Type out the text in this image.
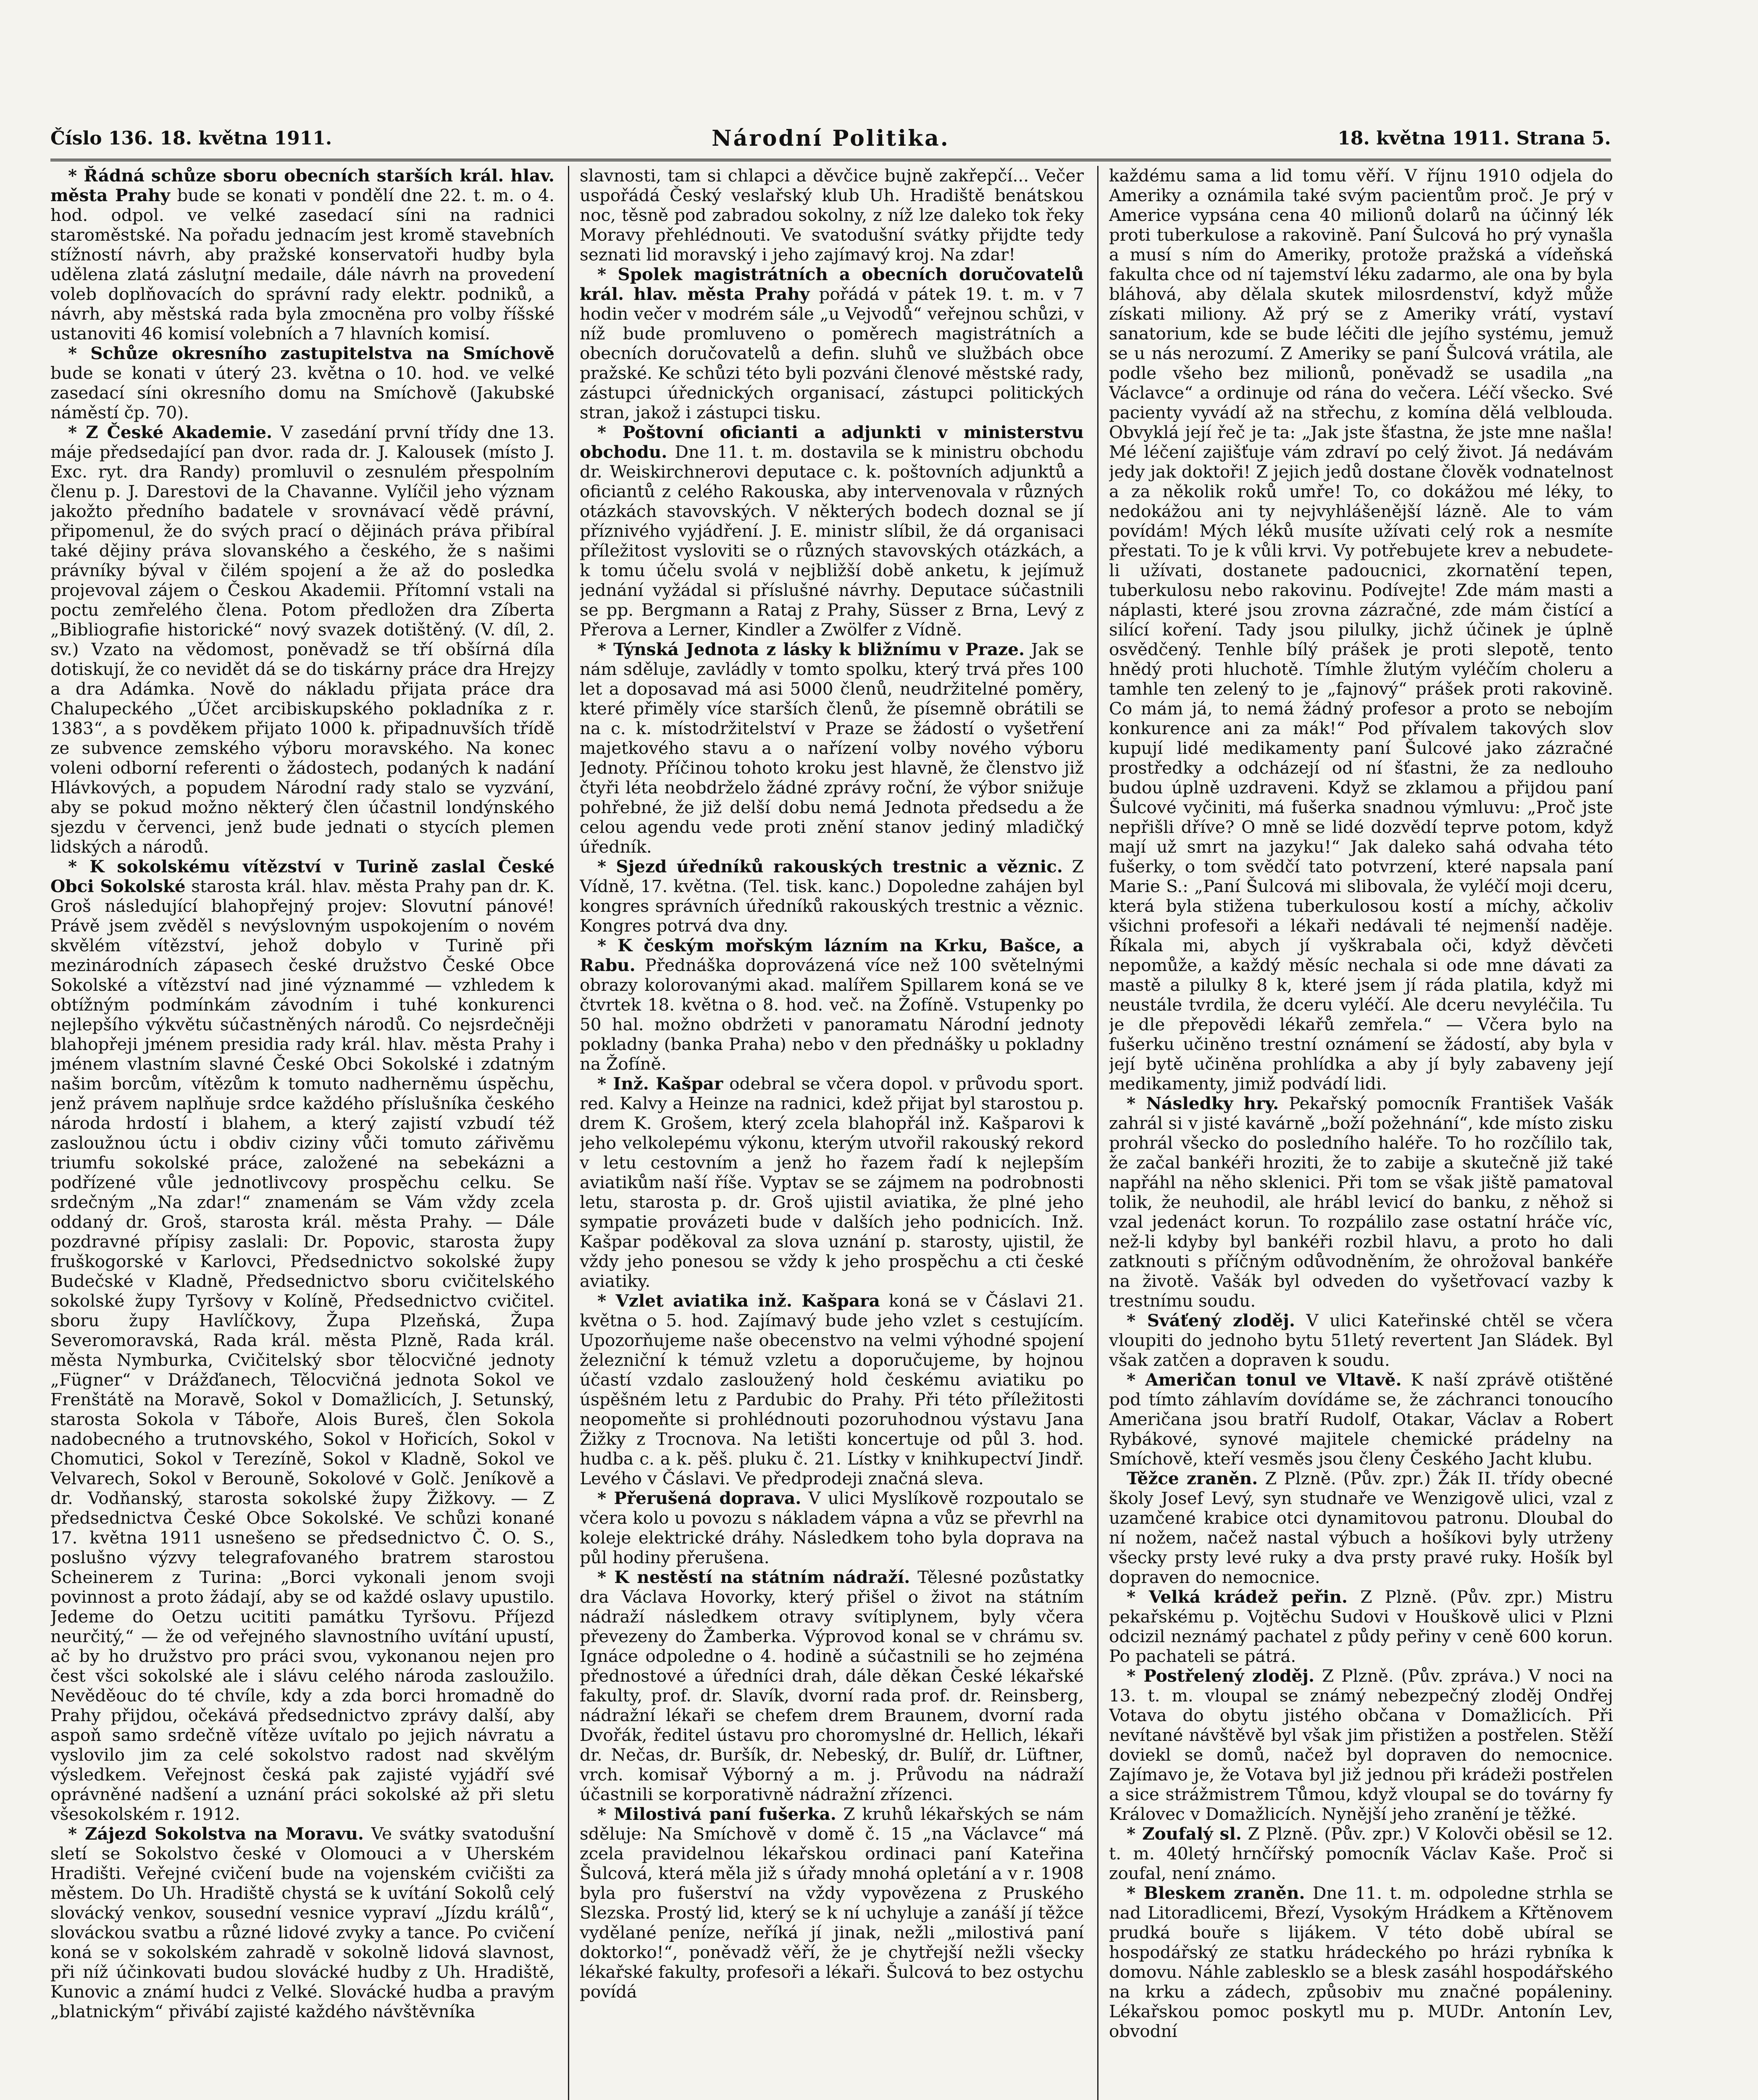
Číslo 136. 18. května 1911.	Národní Politika.	18. května 1911. Strana 5.

* Řádná schůze sboru obecních starších král. hlav. města Prahy bude se konati v pondělí dne 22. t. m. o 4. hod. odpol. ve velké zasedací síni na radnici staroměstské. Na pořadu jednacím jest kromě stavebních stížností návrh, aby pražské konservatoři hudby byla udělena zlatá zásluţní medaile, dále návrh na provedení voleb doplňovacích do správní rady elektr. podniků, a návrh, aby městská rada byla zmocněna pro volby říšské ustanoviti 46 komisí volebních a 7 hlavních komisí.

* Schůze okresního zastupitelstva na Smíchově bude se konati v úterý 23. května o 10. hod. ve velké zasedací síni okresního domu na Smíchově (Jakubské náměstí čp. 70).

* Z České Akademie. V zasedání první třídy dne 13. máje předsedající pan dvor. rada dr. J. Kalousek (místo J. Exc. ryt. dra Randy) promluvil o zesnulém přespolním členu p. J. Darestovi de la Chavanne. Vylíčil jeho význam jakožto předního badatele v srovnávací vědě právní, připomenul, že do svých prací o dějinách práva přibíral také dějiny práva slovanského a českého, že s našimi právníky býval v čilém spojení a že až do posledka projevoval zájem o Českou Akademii. Přítomní vstali na poctu zemřelého člena. Potom předložen dra Zíberta „Bibliografie historické“ nový svazek dotištěný. (V. díl, 2. sv.) Vzato na vědomost, poněvadž se tří obšírná díla dotiskují, že co nevidět dá se do tiskárny práce dra Hrejzy a dra Adámka. Nově do nákladu přijata práce dra Chalupeckého „Účet arcibiskupského pokladníka z r. 1383“, a s povděkem přijato 1000 k. připadnuvších třídě ze subvence zemského výboru moravského. Na konec voleni odborní referenti o žádostech, podaných k nadání Hlávkových, a popudem Národní rady stalo se vyzvání, aby se pokud možno některý člen účastnil londýnského sjezdu v červenci, jenž bude jednati o stycích plemen lidských a národů.

* K sokolskému vítězství v Turině zaslal České Obci Sokolské starosta král. hlav. města Prahy pan dr. K. Groš následující blahopřejný projev: Slovutní pánové! Právě jsem zvěděl s nevýslovným uspokojením o novém skvělém vítězství, jehož dobylo v Turině při mezinárodních zápasech české družstvo České Obce Sokolské a vítězství nad jiné význammé — vzhledem k obtížným podmínkám závodním i tuhé konkurenci nejlepšího výkvětu súčastněných národů. Co nejsrdečněji blahopřeji jménem presidia rady král. hlav. města Prahy i jménem vlastním slavné České Obci Sokolské i zdatným našim borcům, vítězům k tomuto nadherněmu úspěchu, jenž právem naplňuje srdce každého příslušníka českého národa hrdostí i blahem, a který zajistí vzbudí též zasloužnou úctu i obdiv ciziny vůči tomuto zářivěmu triumfu sokolské práce, založené na sebekázni a podřízené vůle jednotlivcovy prospěchu celku. Se srdečným „Na zdar!“ znamenám se Vám vždy zcela oddaný dr. Groš, starosta král. města Prahy. — Dále pozdravné přípisy zaslali: Dr. Popovic, starosta župy fruškogorské v Karlovci, Předsednictvo sokolské župy Budečské v Kladně, Předsednictvo sboru cvičitelského sokolské župy Tyršovy v Kolíně, Předsednictvo cvičitel. sboru župy Havlíčkovy, Župa Plzeňská, Župa Severomoravská, Rada král. města Plzně, Rada král. města Nymburka, Cvičitelský sbor tělocvičné jednoty „Fügner“ v Drážďanech, Tělocvičná jednota Sokol ve Frenštátě na Moravě, Sokol v Domažlicích, J. Setunský, starosta Sokola v Táboře, Alois Bureš, člen Sokola nadobecného a trutnovského, Sokol v Hořicích, Sokol v Chomutici, Sokol v Terezíně, Sokol v Kladně, Sokol ve Velvarech, Sokol v Berouně, Sokolové v Golč. Jeníkově a dr. Vodňanský, starosta sokolské župy Žižkovy. — Z předsednictva České Obce Sokolské. Ve schůzi konané 17. května 1911 usnešeno se předsednictvo Č. O. S., poslušno výzvy telegrafovaného bratrem starostou Scheinerem z Turina: „Borci vykonali jenom svoji povinnost a proto žádají, aby se od každé oslavy upustilo. Jedeme do Oetzu ucititi památku Tyršovu. Příjezd neurčitý,“ — že od veřejného slavnostního uvítání upustí, ač by ho družstvo pro práci svou, vykonanou nejen pro čest všci sokolské ale i slávu celého národa zasloužilo. Nevěděouc do té chvíle, kdy a zda borci hromadně do Prahy přijdou, očekává předsednictvo zprávy další, aby aspoň samo srdečně vítěze uvítalo po jejich návratu a vyslovilo jim za celé sokolstvo radost nad skvělým výsledkem. Veřejnost česká pak zajisté vyjádří své oprávněné nadšení a uznání práci sokolské až při sletu všesokolském r. 1912.

* Zájezd Sokolstva na Moravu. Ve svátky svatodušní sletí se Sokolstvo české v Olomouci a v Uherském Hradišti. Veřejné cvičení bude na vojenském cvičišti za městem. Do Uh. Hradiště chystá se k uvítání Sokolů celý slovácký venkov, sousední vesnice vypraví „Jízdu králů“, slováckou svatbu a různé lidové zvyky a tance. Po cvičení koná se v sokolském zahradě v sokolně lidová slavnost, při níž účinkovati budou slovácké hudby z Uh. Hradiště, Kunovic a známí hudci z Velké. Slovácké hudba a pravým „blatnickým“ přivábí zajisté každého návštěvníka

slavnosti, tam si chlapci a děvčice bujně zakřepčí... Večer uspořádá Český veslařský klub Uh. Hradiště benátskou noc, těsně pod zabradou sokolny, z níž lze daleko tok řeky Moravy přehlédnouti. Ve svatodušní svátky přijdte tedy seznati lid moravský i jeho zajímavý kroj. Na zdar!

* Spolek magistrátních a obecních doručovatelů král. hlav. města Prahy pořádá v pátek 19. t. m. v 7 hodin večer v modrém sále „u Vejvodů“ veřejnou schůzi, v níž bude promluveno o poměrech magistrátních a obecních doručovatelů a defin. sluhů ve službách obce pražské. Ke schůzi této byli pozváni členové městské rady, zástupci úřednických organisací, zástupci politických stran, jakož i zástupci tisku.

* Poštovní oficianti a adjunkti v ministerstvu obchodu. Dne 11. t. m. dostavila se k ministru obchodu dr. Weiskirchnerovi deputace c. k. poštovních adjunktů a oficiantů z celého Rakouska, aby intervenovala v různých otázkách stavovských. V některých bodech doznal se jí příznivého vyjádření. J. E. ministr slíbil, že dá organisaci příležitost vysloviti se o různých stavovských otázkách, a k tomu účelu svolá v nejbližší době anketu, k jejímuž jednání vyžádal si příslušné návrhy. Deputace súčastnili se pp. Bergmann a Rataj z Prahy, Süsser z Brna, Levý z Přerova a Lerner, Kindler a Zwölfer z Vídně.

* Týnská Jednota z lásky k bližnímu v Praze. Jak se nám sděluje, zavládly v tomto spolku, který trvá přes 100 let a doposavad má asi 5000 členů, neudržitelné poměry, které přiměly více starších členů, že písemně obrátili se na c. k. místodržitelství v Praze se žádostí o vyšetření majetkového stavu a o nařízení volby nového výboru Jednoty. Příčinou tohoto kroku jest hlavně, že členstvo již čtyři léta neobdrželo žádné zprávy roční, že výbor snižuje pohřebné, že již delší dobu nemá Jednota předsedu a že celou agendu vede proti znění stanov jediný mladičký úředník.

* Sjezd úředníků rakouských trestnic a věznic. Z Vídně, 17. května. (Tel. tisk. kanc.) Dopoledne zahájen byl kongres správních úředníků rakouských trestnic a věznic. Kongres potrvá dva dny.

* K českým mořským lázním na Krku, Bašce, a Rabu. Přednáška doprovázená více než 100 světelnými obrazy kolorovanými akad. malířem Spillarem koná se ve čtvrtek 18. května o 8. hod. več. na Žofíně. Vstupenky po 50 hal. možno obdržeti v panoramatu Národní jednoty pokladny (banka Praha) nebo v den přednášky u pokladny na Žofíně.

* Inž. Kašpar odebral se včera dopol. v průvodu sport. red. Kalvy a Heinze na radnici, kdež přijat byl starostou p. drem K. Grošem, který zcela blahopřál inž. Kašparovi k jeho velkolepému výkonu, kterým utvořil rakouský rekord v letu cestovním a jenž ho řazem řadí k nejlepším aviatikům naší říše. Vyptav se se zájmem na podrobnosti letu, starosta p. dr. Groš ujistil aviatika, že plné jeho sympatie provázeti bude v dalších jeho podnicích. Inž. Kašpar poděkoval za slova uznání p. starosty, ujistil, že vždy jeho ponesou se vždy k jeho prospěchu a cti české aviatiky.

* Vzlet aviatika inž. Kašpara koná se v Čáslavi 21. května o 5. hod. Zajímavý bude jeho vzlet s cestujícím. Upozorňujeme naše obecenstvo na velmi výhodné spojení železniční k témuž vzletu a doporučujeme, by hojnou účastí vzdalo zasloužený hold českému aviatiku po úspěšném letu z Pardubic do Prahy. Při této příležitosti neopomeňte si prohlédnouti pozoruhodnou výstavu Jana Žižky z Trocnova. Na letišti koncertuje od půl 3. hod. hudba c. a k. pěš. pluku č. 21. Lístky v knihkupectví Jindř. Levého v Čáslavi. Ve předprodeji značná sleva.

* Přerušená doprava. V ulici Myslíkově rozpoutalo se včera kolo u povozu s nákladem vápna a vůz se převrhl na koleje elektrické dráhy. Následkem toho byla doprava na půl hodiny přerušena.

* K nestěstí na státním nádraží. Tělesné pozůstatky dra Václava Hovorky, který přišel o život na státním nádraží následkem otravy svítiplynem, byly včera převezeny do Žamberka. Výprovod konal se v chrámu sv. Ignáce odpoledne o 4. hodině a súčastnili se ho zejména přednostové a úředníci drah, dále děkan České lékařské fakulty, prof. dr. Slavík, dvorní rada prof. dr. Reinsberg, nádražní lékaři se chefem drem Braunem, dvorní rada Dvořák, ředitel ústavu pro choromyslné dr. Hellich, lékaři dr. Nečas, dr. Buršík, dr. Nebeský, dr. Bulíř, dr. Lüftner, vrch. komisař Výborný a m. j. Průvodu na nádraží účastnili se korporativně nádražní zřízenci.

* Milostivá paní fušerka. Z kruhů lékařských se nám sděluje: Na Smíchově v domě č. 15 „na Václavce“ má zcela pravidelnou lékařskou ordinaci paní Kateřina Šulcová, která měla již s úřady mnohá opletání a v r. 1908 byla pro fušerství na vždy vypovězena z Pruského Slezska. Prostý lid, který se k ní uchyluje a zanáší jí těžce vydělané peníze, neříká jí jinak, nežli „milostivá paní doktorko!“, poněvadž věří, že je chytřejší nežli všecky lékařské fakulty, profesoři a lékaři. Šulcová to bez ostychu povídá

každému sama a lid tomu věří. V říjnu 1910 odjela do Ameriky a oznámila také svým pacientům proč. Je prý v Americe vypsána cena 40 milionů dolarů na účinný lék proti tuberkulose a rakovině. Paní Šulcová ho prý vynašla a musí s ním do Ameriky, protože pražská a vídeňská fakulta chce od ní tajemství léku zadarmo, ale ona by byla bláhová, aby dělala skutek milosrdenství, když může získati miliony. Až prý se z Ameriky vrátí, vystaví sanatorium, kde se bude léčiti dle jejího systému, jemuž se u nás nerozumí. Z Ameriky se paní Šulcová vrátila, ale podle všeho bez milionů, poněvadž se usadila „na Václavce“ a ordinuje od rána do večera. Léčí všecko. Své pacienty vyvádí až na střechu, z komína dělá velblouda. Obvyklá její řeč je ta: „Jak jste šťastna, že jste mne našla! Mé léčení zajišťuje vám zdraví po celý život. Já nedávám jedy jak doktoři! Z jejich jedů dostane člověk vodnatelnost a za několik roků umře! To, co dokážou mé léky, to nedokážou ani ty nejvyhlášenější lázně. Ale to vám povídám! Mých léků musíte užívati celý rok a nesmíte přestati. To je k vůli krvi. Vy potřebujete krev a nebudete-li užívati, dostanete padoucnici, zkornatění tepen, tuberkulosu nebo rakovinu. Podívejte! Zde mám masti a náplasti, které jsou zrovna zázračné, zde mám čistící a silící koření. Tady jsou pilulky, jichž účinek je úplně osvědčený. Tenhle bílý prášek je proti slepotě, tento hnědý proti hluchotě. Tímhle žlutým vyléčím choleru a tamhle ten zelený to je „fajnový“ prášek proti rakovině. Co mám já, to nemá žádný profesor a proto se nebojím konkurence ani za mák!“ Pod přívalem takových slov kupují lidé medikamenty paní Šulcové jako zázračné prostředky a odcházejí od ní šťastni, že za nedlouho budou úplně uzdraveni. Když se zklamou a přijdou paní Šulcové vyčiniti, má fušerka snadnou výmluvu: „Proč jste nepřišli dříve? O mně se lidé dozvědí teprve potom, když mají už smrt na jazyku!“ Jak daleko sahá odvaha této fušerky, o tom svědčí tato potvrzení, které napsala paní Marie S.: „Paní Šulcová mi slibovala, že vyléčí moji dceru, která byla stižena tuberkulosou kostí a míchy, ačkoliv všichni profesoři a lékaři nedávali té nejmenší naděje. Říkala mi, abych jí vyškrabala oči, když děvčeti nepomůže, a každý měsíc nechala si ode mne dávati za mastě a pilulky 8 k, které jsem jí ráda platila, když mi neustále tvrdila, že dceru vyléčí. Ale dceru nevyléčila. Tu je dle přepovědi lékařů zemřela.“ — Včera bylo na fušerku učiněno trestní oznámení se žádostí, aby byla v její bytě učiněna prohlídka a aby jí byly zabaveny její medikamenty, jimiž podvádí lidi.

* Následky hry. Pekařský pomocník František Vašák zahrál si v jisté kavárně „boží požehnání“, kde místo zisku prohrál všecko do posledního haléře. To ho rozčílilo tak, že začal bankéři hroziti, že to zabije a skutečně již také napřáhl na něho sklenici. Při tom se však jiště pamatoval tolik, že neuhodil, ale hrábl levicí do banku, z něhož si vzal jedenáct korun. To rozpálilo zase ostatní hráče víc, než-li kdyby byl bankéři rozbil hlavu, a proto ho dali zatknouti s příčným odůvodněním, že ohrožoval bankéře na životě. Vašák byl odveden do vyšetřovací vazby k trestnímu soudu.

* Sváťený zloděj. V ulici Kateřinské chtěl se včera vloupiti do jednoho bytu 51letý revertent Jan Sládek. Byl však zatčen a dopraven k soudu.

* Američan tonul ve Vltavě. K naší zprávě otištěné pod tímto záhlavím dovídáme se, že záchranci tonoucího Američana jsou bratří Rudolf, Otakar, Václav a Robert Rybákové, synové majitele chemické prádelny na Smíchově, kteří vesměs jsou členy Českého Jacht klubu.

Těžce zraněn. Z Plzně. (Pův. zpr.) Žák II. třídy obecné školy Josef Levý, syn studnaře ve Wenzigově ulici, vzal z uzamčené krabice otci dynamitovou patronu. Dloubal do ní nožem, načež nastal výbuch a hošíkovi byly utrženy všecky prsty levé ruky a dva prsty pravé ruky. Hošík byl dopraven do nemocnice.

* Velká krádež peřin. Z Plzně. (Pův. zpr.) Mistru pekařskému p. Vojtěchu Sudovi v Houškově ulici v Plzni odcizil neznámý pachatel z půdy peřiny v ceně 600 korun. Po pachateli se pátrá.

* Postřelený zloděj. Z Plzně. (Pův. zpráva.) V noci na 13. t. m. vloupal se známý nebezpečný zloděj Ondřej Votava do obytu jistého občana v Domažlicích. Při nevítané návštěvě byl však jim přistižen a postřelen. Stěží doviekl se domů, načež byl dopraven do nemocnice. Zajímavo je, že Votava byl již jednou při krádeži postřelen a sice strážmistrem Tůmou, když vloupal se do továrny fy Královec v Domažlicích. Nynější jeho zranění je těžké.

* Zoufalý sl. Z Plzně. (Pův. zpr.) V Kolovči oběsil se 12. t. m. 40letý hrnčířský pomocník Václav Kaše. Proč si zoufal, není známo.

* Bleskem zraněn. Dne 11. t. m. odpoledne strhla se nad Litoradlicemi, Březí, Vysokým Hrádkem a Křtěnovem prudká bouře s lijákem. V této době ubíral se hospodářský ze statku hrádeckého po hrázi rybníka k domovu. Náhle zablesklo se a blesk zasáhl hospodářského na krku a zádech, způsobiv mu značné popáleniny. Lékařskou pomoc poskytl mu p. MUDr. Antonín Lev, obvodní
